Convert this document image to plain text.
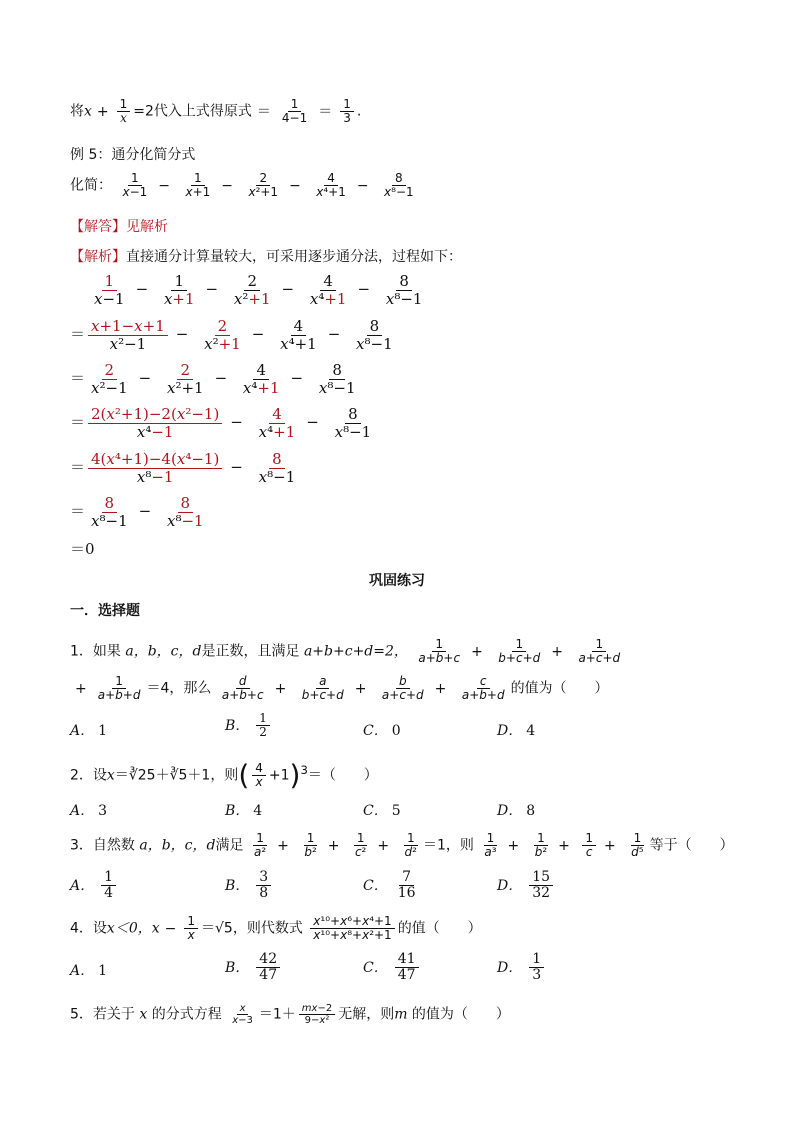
将$x + \frac{1}{x} =2$代入上式得原式 ＝ $\frac{1}{4-1} = \frac{1}{3}$ .
例 5：通分化简分式
化简： $\frac{1}{x-1} - \frac{1}{x+1} - \frac{2}{\text{x²+1}} - \frac{4}{\text{x⁴+1}} - \frac{8}{\text{x⁸−1}}$
【解答】见解析
【解析】直接通分计算量较大，可采用逐步通分法，过程如下：
$\frac{1}{x-1} - \frac{1}{x+1} - \frac{2}{\text{x²+1}} - \frac{4}{\text{x⁴+1}} - \frac{8}{\text{x⁸−1}}$
＝ $\frac{x+1-x+1}{\text{x²−1}} - \frac{2}{\text{x²+1}} - \frac{4}{\text{x⁴+1}} - \frac{8}{\text{x⁸−1}}$
＝ $\frac{2}{\text{x²−1}} - \frac{2}{\text{x²+1}} - \frac{4}{\text{x⁴+1}} - \frac{8}{\text{x⁸−1}}$
＝ $\frac{\text{2(x²+1)−2(x²−1)}}{\text{x⁴−1}} - \frac{4}{\text{x⁴+1}} - \frac{8}{\text{x⁸−1}}$
＝ $\frac{\text{4(x⁴+1)−4(x⁴−1)}}{\text{x⁸−1}} - \frac{8}{\text{x⁸−1}}$
＝ $\frac{8}{\text{x⁸−1}} - \frac{8}{\text{x⁸−1}}$
＝0
巩固练习
一．选择题
1．如果 a，b，c，d是正数，且满足 a+b+c+d=2， $\frac{1}{a+b+c} + \frac{1}{b+c+d} + \frac{1}{a+c+d}$
+ $\frac{1}{a+b+d} =4$，那么 $\frac{d}{a+b+c} + \frac{a}{b+c+d} + \frac{b}{a+c+d} + \frac{c}{a+b+d}$ 的值为（　　）
A． 1	B． $\frac{1}{2}$	C． 0	D． 4
2．设x＝∛25＋∛5＋1，则( $\frac{4}{x} +1)^3=$（　　）
A． 3	B． 4	C． 5	D． 8
3．自然数 a，b，c，d满足 $\frac{1}{\text{a²}} + \frac{1}{\text{b²}} + \frac{1}{\text{c²}} + \frac{1}{\text{d²}} =1$，则 $\frac{1}{\text{a³}} + \frac{1}{\text{b²}} + \frac{1}{c} + \frac{1}{\text{d⁵}}$ 等于（　　）
A． $\frac{1}{4}$	B． $\frac{3}{8}$	C． $\frac{7}{16}$	D． $\frac{15}{32}$
4．设x＜0，$x - \frac{1}{x} =√5$，则代数式 $\frac{\text{x¹⁰+x⁶+x⁴+1}}{\text{x¹⁰+x⁸+x²+1}}$ 的值（　　）
A． 1	B． $\frac{42}{47}$	C． $\frac{41}{47}$	D． $\frac{1}{3}$
5．若关于 x 的分式方程 $\frac{x}{x-3} =1+ \frac{mx-2}{\text{9−x²}}$ 无解，则m 的值为（　　）
